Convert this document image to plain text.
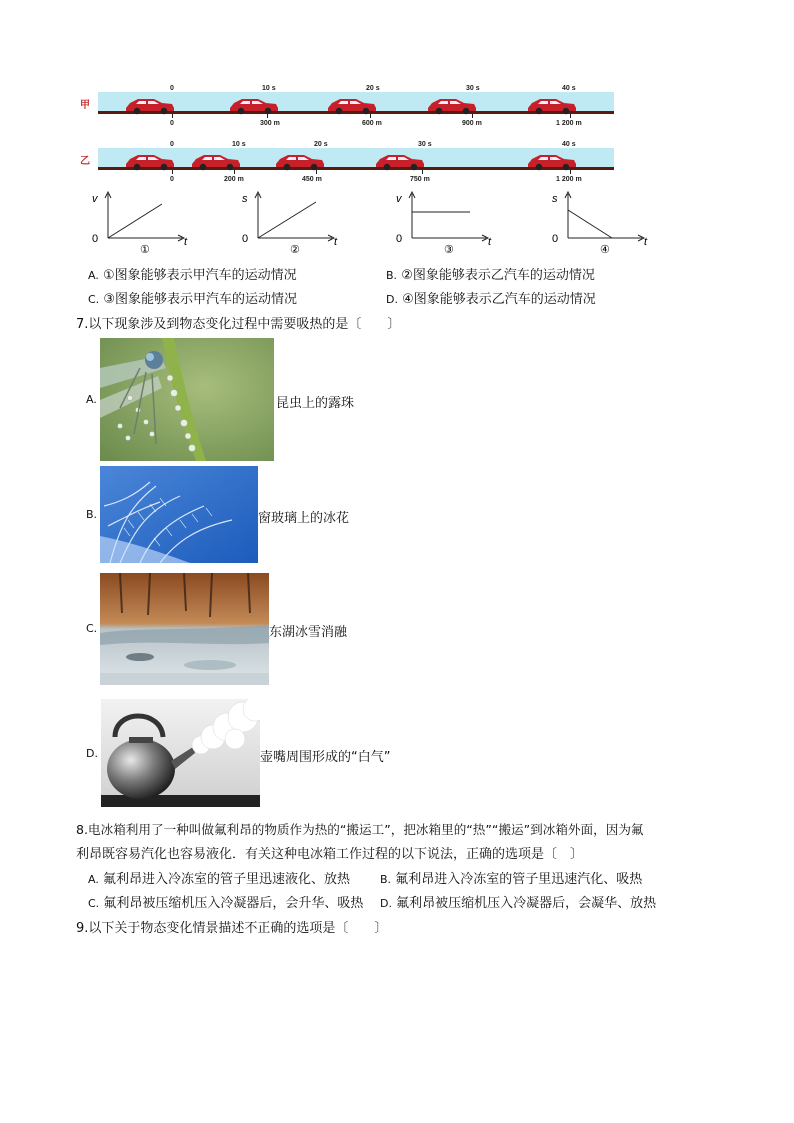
甲
0	10 s	20 s	30 s	40 s
0	300 m	600 m	900 m	1 200 m
乙
0	10 s	20 s	30 s	40 s
0	200 m	450 m	750 m	1 200 m
v
0	t
①
s
0	t
②
v
0	t
③
s
0	t
④
A. ①图象能够表示甲汽车的运动情况	B. ②图象能够表示乙汽车的运动情况
C. ③图象能够表示甲汽车的运动情况	D. ④图象能够表示乙汽车的运动情况
7.以下现象涉及到物态变化过程中需要吸热的是〔　　〕
A.	昆虫上的露珠
B.	窗玻璃上的冰花
C.	东湖冰雪消融
D.	壶嘴周围形成的“白气”
8.电冰箱利用了一种叫做氟利昂的物质作为热的“搬运工”，把冰箱里的“热”“搬运”到冰箱外面，因为氟
利昂既容易汽化也容易液化．有关这种电冰箱工作过程的以下说法，正确的选项是〔　〕
A. 氟利昂进入冷冻室的管子里迅速液化、放热	B. 氟利昂进入冷冻室的管子里迅速汽化、吸热
C. 氟利昂被压缩机压入冷凝器后，会升华、吸热 D. 氟利昂被压缩机压入冷凝器后，会凝华、放热
9.以下关于物态变化情景描述不正确的选项是〔　　〕
